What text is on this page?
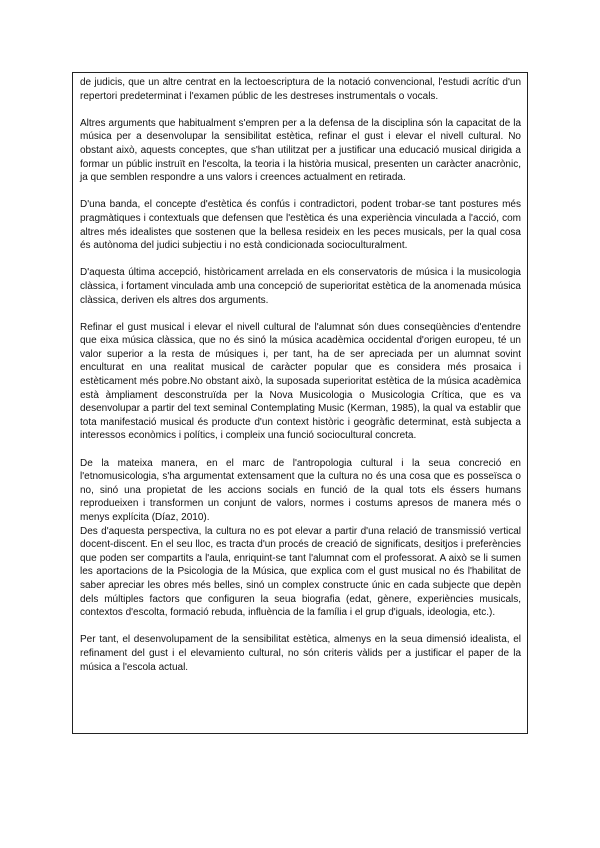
de judicis, que un altre centrat en la lectoescriptura de la notació convencional, l'estudi acrític d'un repertori predeterminat i l'examen públic de les destreses instrumentals o vocals.

Altres arguments que habitualment s'empren per a la defensa de la disciplina són la capacitat de la música per a desenvolupar la sensibilitat estètica, refinar el gust i elevar el nivell cultural. No obstant això, aquests conceptes, que s'han utilitzat per a justificar una educació musical dirigida a formar un públic instruït en l'escolta, la teoria i la història musical, presenten un caràcter anacrònic, ja que semblen respondre a uns valors i creences actualment en retirada.

D'una banda, el concepte d'estètica és confús i contradictori, podent trobar-se tant postures més pragmàtiques i contextuals que defensen que l'estètica és una experiència vinculada a l'acció, com altres més idealistes que sostenen que la bellesa resideix en les peces musicals, per la qual cosa és autònoma del judici subjectiu i no està condicionada socioculturalment.

D'aquesta última accepció, històricament arrelada en els conservatoris de música i la musicologia clàssica, i fortament vinculada amb una concepció de superioritat estètica de la anomenada música clàssica, deriven els altres dos arguments.

Refinar el gust musical i elevar el nivell cultural de l'alumnat són dues conseqüències d'entendre que eixa música clàssica, que no és sinó la música acadèmica occidental d'origen europeu, té un valor superior a la resta de músiques i, per tant, ha de ser apreciada per un alumnat sovint enculturat en una realitat musical de caràcter popular que es considera més prosaica i estèticament més pobre.No obstant això, la suposada superioritat estètica de la música acadèmica està àmpliament desconstruïda per la Nova Musicologia o Musicologia Crítica, que es va desenvolupar a partir del text seminal Contemplating Music (Kerman, 1985), la qual va establir que tota manifestació musical és producte d'un context històric i geogràfic determinat, està subjecta a interessos econòmics i polítics, i compleix una funció sociocultural concreta.

De la mateixa manera, en el marc de l'antropologia cultural i la seua concreció en l'etnomusicologia, s'ha argumentat extensament que la cultura no és una cosa que es posseïsca o no, sinó una propietat de les accions socials en funció de la qual tots els éssers humans reprodueixen i transformen un conjunt de valors, normes i costums apresos de manera més o menys explícita (Díaz, 2010).

Des d'aquesta perspectiva, la cultura no es pot elevar a partir d'una relació de transmissió vertical docent-discent. En el seu lloc, es tracta d'un procés de creació de significats, desitjos i preferències que poden ser compartits a l'aula, enriquint-se tant l'alumnat com el professorat. A això se li sumen les aportacions de la Psicologia de la Música, que explica com el gust musical no és l'habilitat de saber apreciar les obres més belles, sinó un complex constructe únic en cada subjecte que depèn dels múltiples factors que configuren la seua biografia (edat, gènere, experiències musicals, contextos d'escolta, formació rebuda, influència de la família i el grup d'iguals, ideologia, etc.).

Per tant, el desenvolupament de la sensibilitat estètica, almenys en la seua dimensió idealista, el refinament del gust i el elevamiento cultural, no són criteris vàlids per a justificar el paper de la música a l'escola actual.
